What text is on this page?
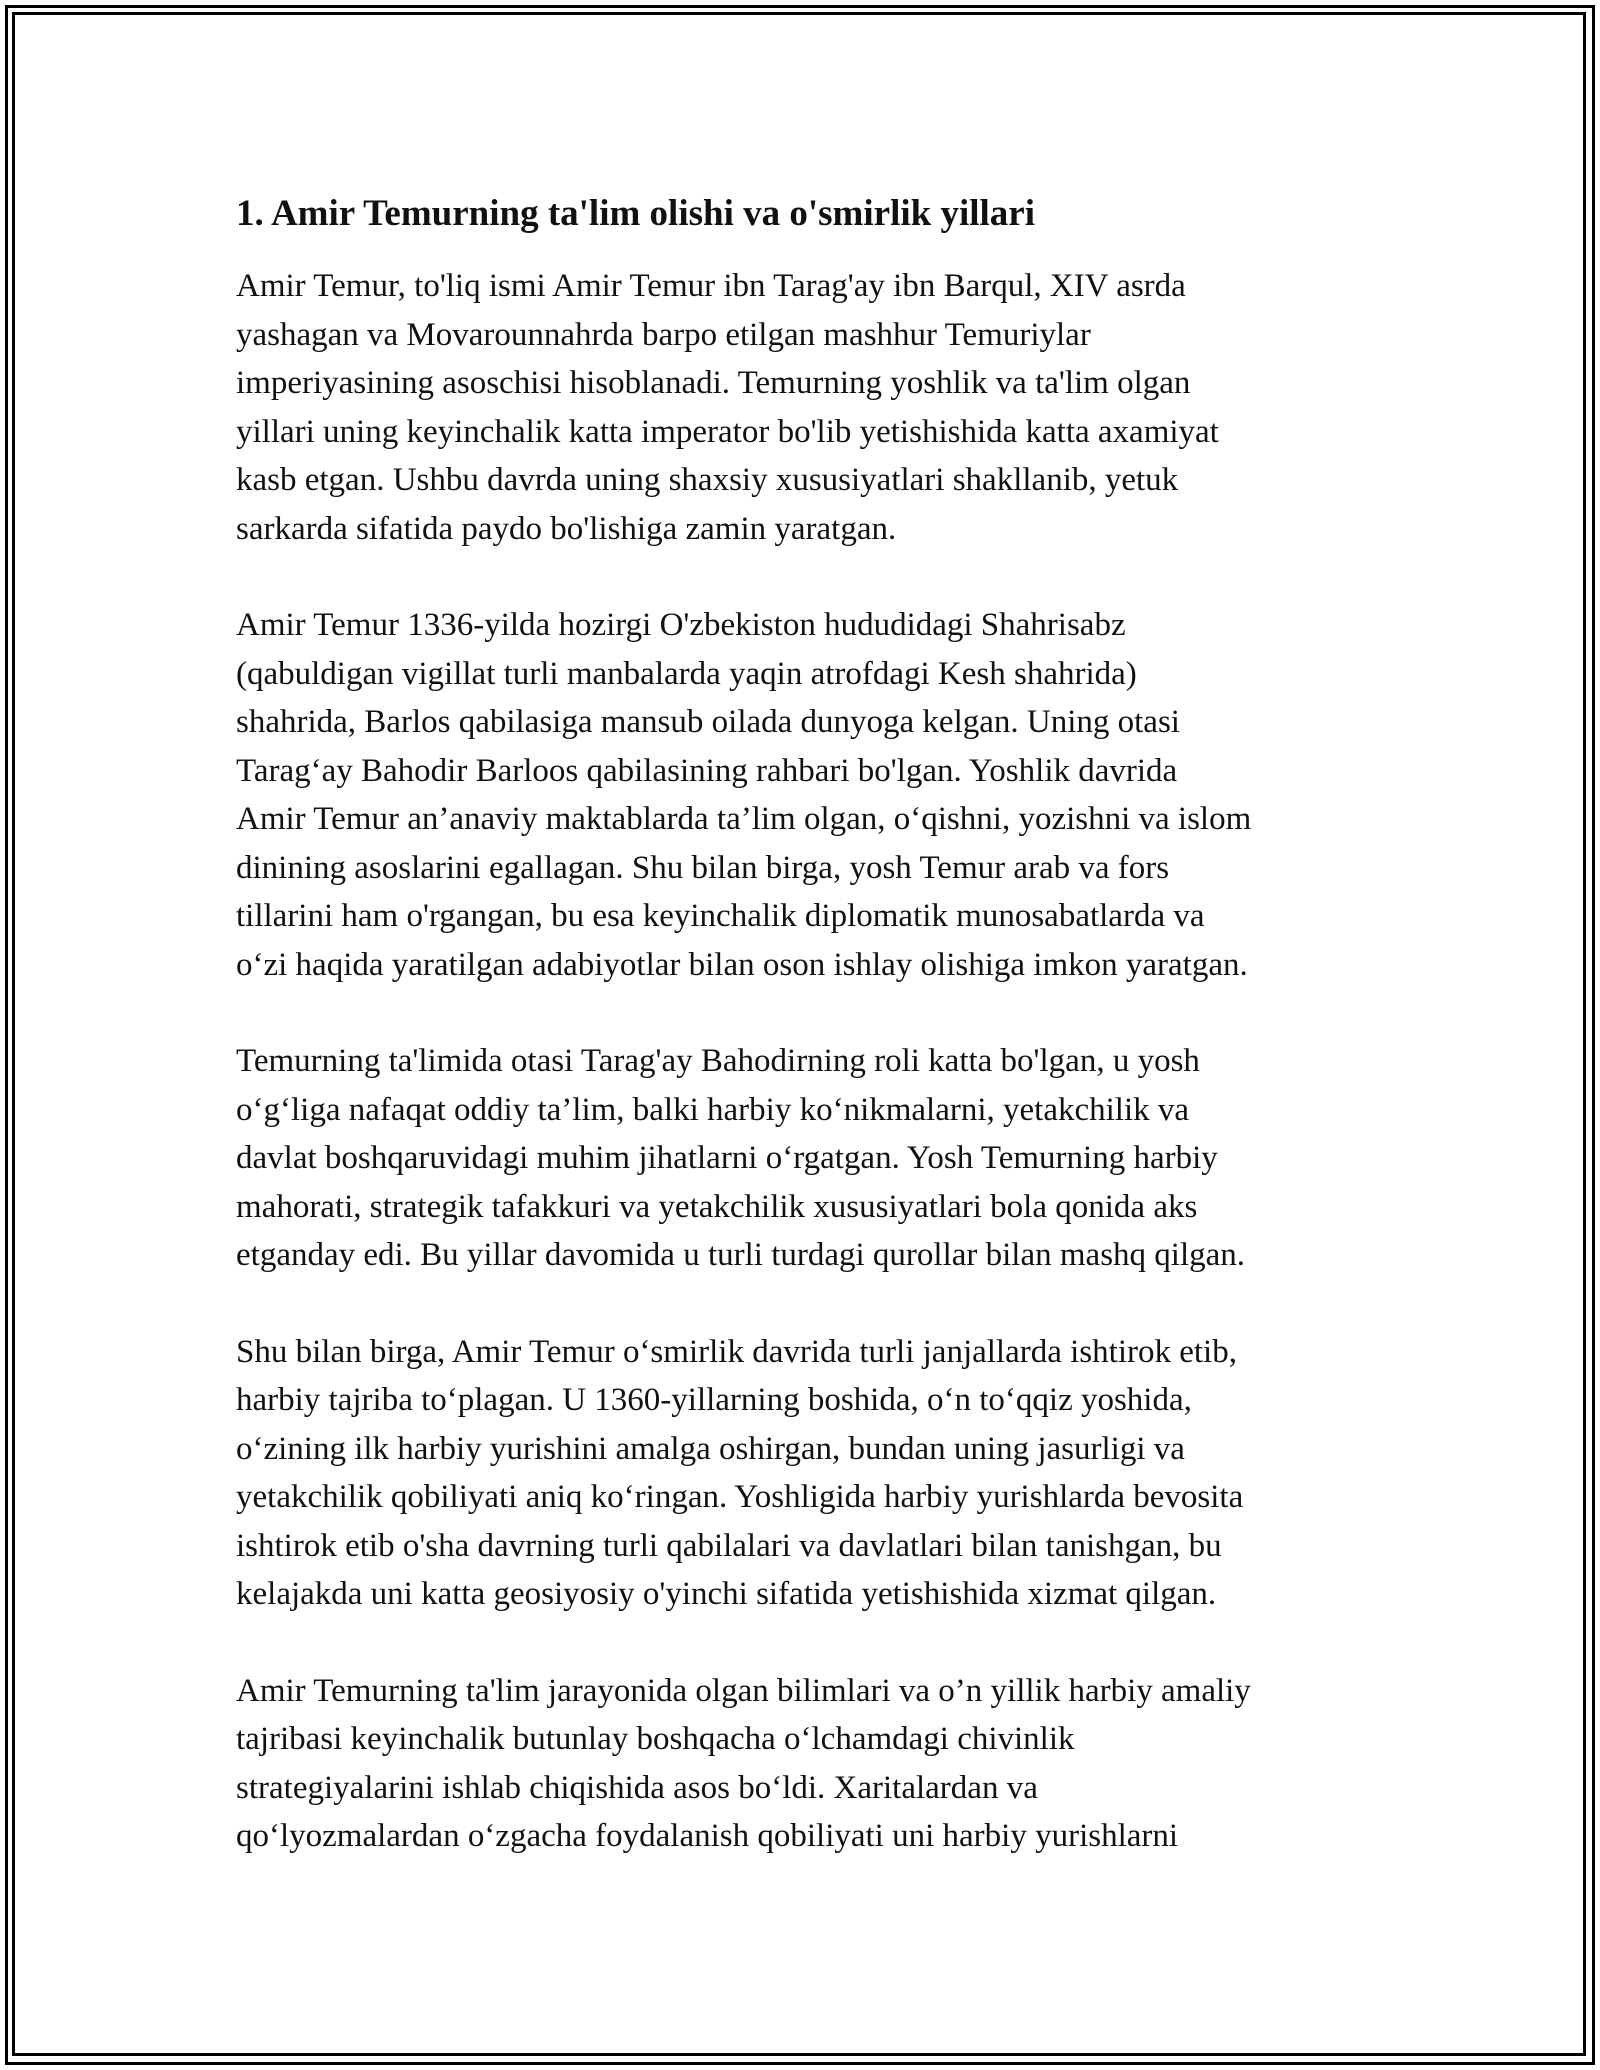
1. Amir Temurning ta'lim olishi va o'smirlik yillari

Amir Temur, to'liq ismi Amir Temur ibn Tarag'ay ibn Barqul, XIV asrda
yashagan va Movarounnahrda barpo etilgan mashhur Temuriylar
imperiyasining asoschisi hisoblanadi. Temurning yoshlik va ta'lim olgan
yillari uning keyinchalik katta imperator bo'lib yetishishida katta axamiyat
kasb etgan. Ushbu davrda uning shaxsiy xususiyatlari shakllanib, yetuk
sarkarda sifatida paydo bo'lishiga zamin yaratgan.

Amir Temur 1336-yilda hozirgi O'zbekiston hududidagi Shahrisabz
(qabuldigan vigillat turli manbalarda yaqin atrofdagi Kesh shahrida)
shahrida, Barlos qabilasiga mansub oilada dunyoga kelgan. Uning otasi
Tarag‘ay Bahodir Barloos qabilasining rahbari bo'lgan. Yoshlik davrida
Amir Temur an’anaviy maktablarda ta’lim olgan, o‘qishni, yozishni va islom
dinining asoslarini egallagan. Shu bilan birga, yosh Temur arab va fors
tillarini ham o'rgangan, bu esa keyinchalik diplomatik munosabatlarda va
o‘zi haqida yaratilgan adabiyotlar bilan oson ishlay olishiga imkon yaratgan.

Temurning ta'limida otasi Tarag'ay Bahodirning roli katta bo'lgan, u yosh
o‘g‘liga nafaqat oddiy ta’lim, balki harbiy ko‘nikmalarni, yetakchilik va
davlat boshqaruvidagi muhim jihatlarni o‘rgatgan. Yosh Temurning harbiy
mahorati, strategik tafakkuri va yetakchilik xususiyatlari bola qonida aks
etganday edi. Bu yillar davomida u turli turdagi qurollar bilan mashq qilgan.

Shu bilan birga, Amir Temur o‘smirlik davrida turli janjallarda ishtirok etib,
harbiy tajriba to‘plagan. U 1360-yillarning boshida, o‘n to‘qqiz yoshida,
o‘zining ilk harbiy yurishini amalga oshirgan, bundan uning jasurligi va
yetakchilik qobiliyati aniq ko‘ringan. Yoshligida harbiy yurishlarda bevosita
ishtirok etib o'sha davrning turli qabilalari va davlatlari bilan tanishgan, bu
kelajakda uni katta geosiyosiy o'yinchi sifatida yetishishida xizmat qilgan.

Amir Temurning ta'lim jarayonida olgan bilimlari va o’n yillik harbiy amaliy
tajribasi keyinchalik butunlay boshqacha o‘lchamdagi chivinlik
strategiyalarini ishlab chiqishida asos bo‘ldi. Xaritalardan va
qo‘lyozmalardan o‘zgacha foydalanish qobiliyati uni harbiy yurishlarni
